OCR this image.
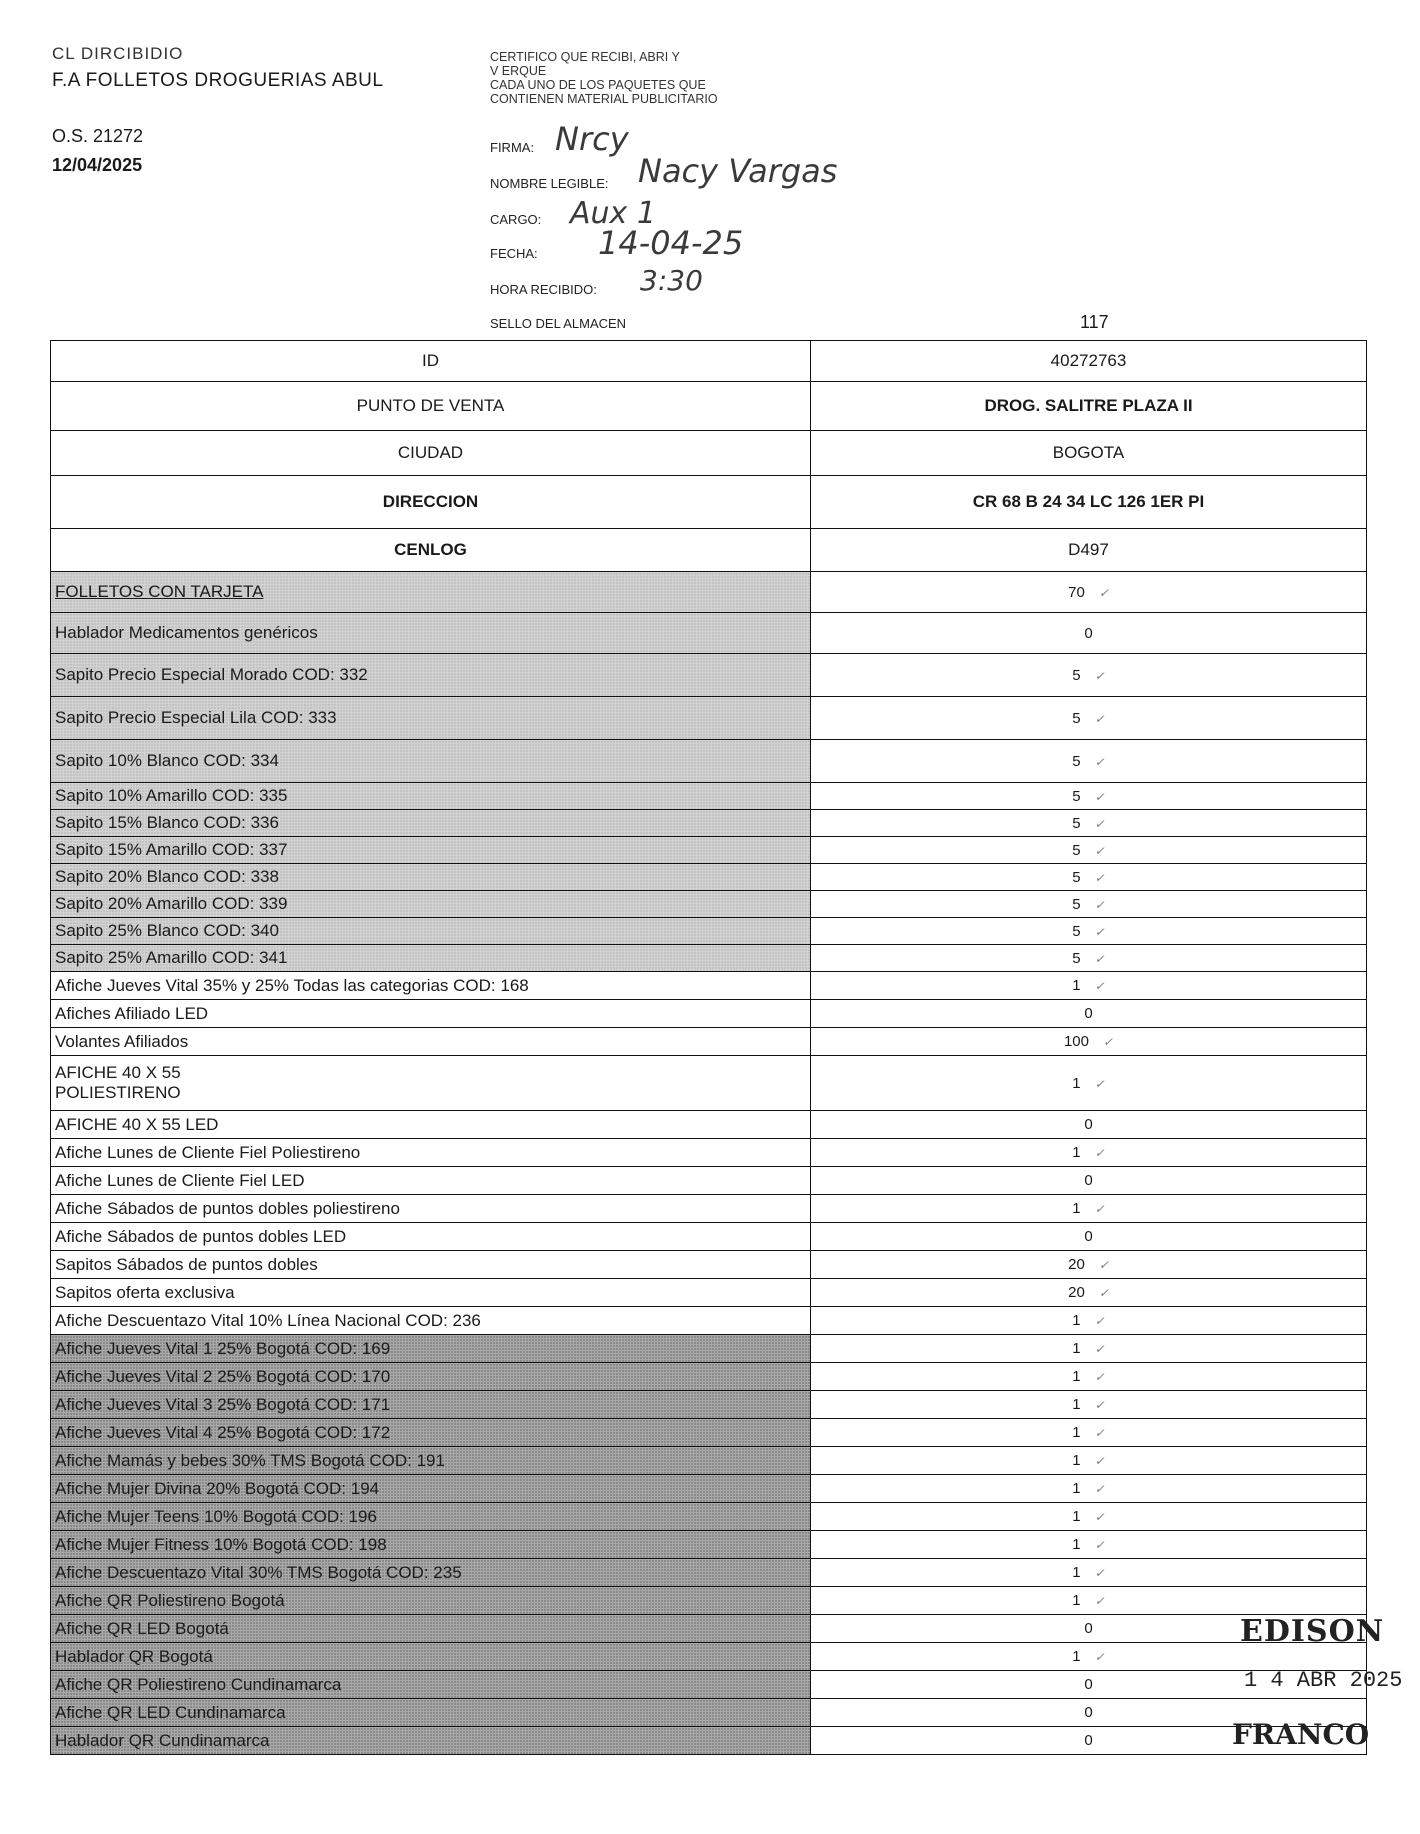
CL DIRCIBIDIO
F.A FOLLETOS DROGUERIAS ABUL
O.S. 21272
12/04/2025
CERTIFICO QUE RECIBI, ABRI Y
V ERQUE
CADA UNO DE LOS PAQUETES QUE
CONTIENEN MATERIAL PUBLICITARIO
FIRMA: Nrcy
NOMBRE LEGIBLE: Nacy Vargas
CARGO: Aux 1
FECHA: 14-04-25
HORA RECIBIDO: 3:30
SELLO DEL ALMACEN	117
ID	40272763
PUNTO DE VENTA	DROG. SALITRE PLAZA II
CIUDAD	BOGOTA
DIRECCION	CR 68 B 24 34 LC 126 1ER PI
CENLOG	D497
FOLLETOS CON TARJETA	70 ✓
Hablador Medicamentos genéricos	0
Sapito Precio Especial Morado COD: 332	5 ✓
Sapito Precio Especial Lila COD: 333	5 ✓
Sapito 10% Blanco COD: 334	5 ✓
Sapito 10% Amarillo COD: 335	5 ✓
Sapito 15% Blanco COD: 336	5 ✓
Sapito 15% Amarillo COD: 337	5 ✓
Sapito 20% Blanco COD: 338	5 ✓
Sapito 20% Amarillo COD: 339	5 ✓
Sapito 25% Blanco COD: 340	5 ✓
Sapito 25% Amarillo COD: 341	5 ✓
Afiche Jueves Vital 35% y 25% Todas las categorias COD: 168	1 ✓
Afiches Afiliado LED	0
Volantes Afiliados	100 ✓
AFICHE 40 X 55
POLIESTIRENO	1 ✓
AFICHE 40 X 55 LED	0
Afiche Lunes de Cliente Fiel Poliestireno	1 ✓
Afiche Lunes de Cliente Fiel LED	0
Afiche Sábados de puntos dobles poliestireno	1 ✓
Afiche Sábados de puntos dobles LED	0
Sapitos Sábados de puntos dobles	20 ✓
Sapitos oferta exclusiva	20 ✓
Afiche Descuentazo Vital 10% Línea Nacional COD: 236	1 ✓
Afiche Jueves Vital 1 25% Bogotá COD: 169	1 ✓
Afiche Jueves Vital 2 25% Bogotá COD: 170	1 ✓
Afiche Jueves Vital 3 25% Bogotá COD: 171	1 ✓
Afiche Jueves Vital 4 25% Bogotá COD: 172	1 ✓
Afiche Mamás y bebes 30% TMS Bogotá COD: 191	1 ✓
Afiche Mujer Divina 20% Bogotá COD: 194	1 ✓
Afiche Mujer Teens 10% Bogotá COD: 196	1 ✓
Afiche Mujer Fitness 10% Bogotá COD: 198	1 ✓
Afiche Descuentazo Vital 30% TMS Bogotá COD: 235	1 ✓
Afiche QR Poliestireno Bogotá	1 ✓
Afiche QR LED Bogotá	0
Hablador QR Bogotá	1 ✓
Afiche QR Poliestireno Cundinamarca	0
Afiche QR LED Cundinamarca	0
Hablador QR Cundinamarca	0
EDISON
1 4 ABR 2025
FRANCO
